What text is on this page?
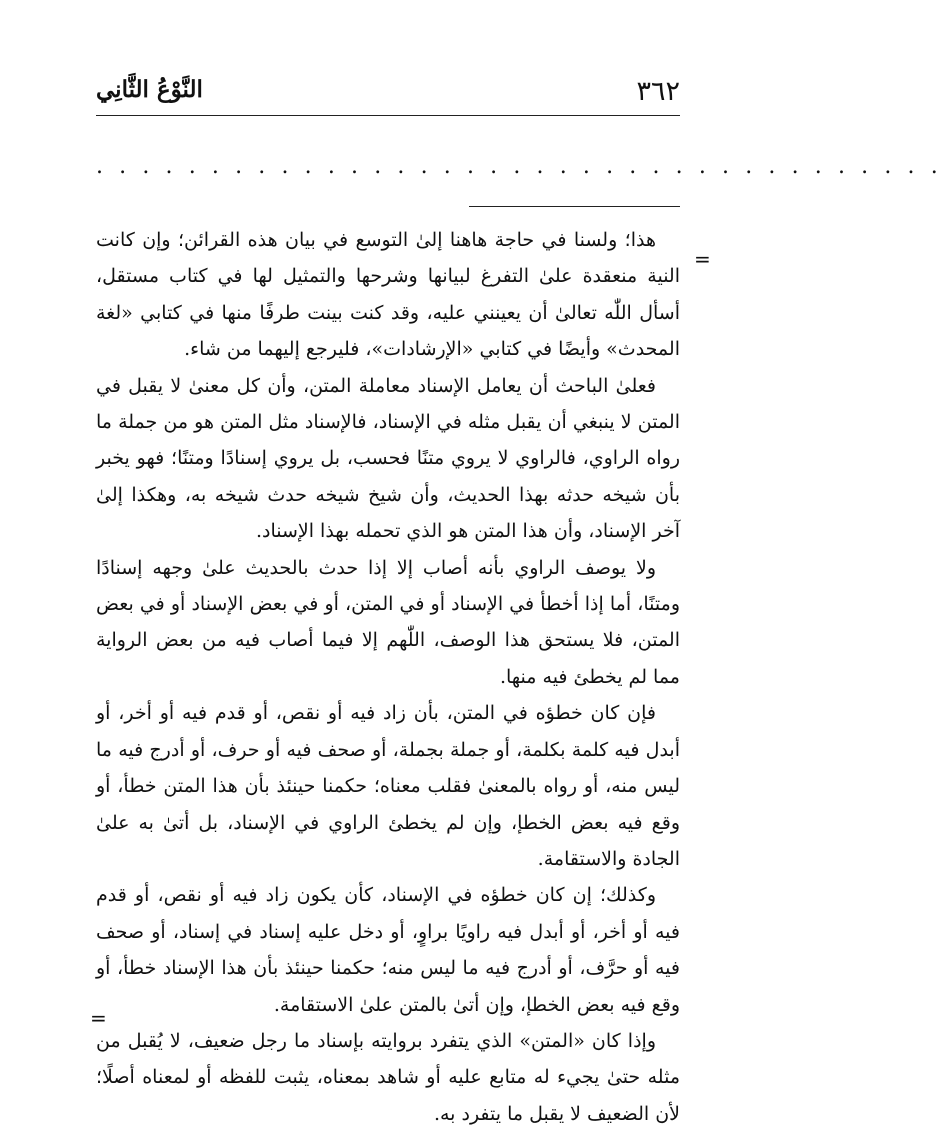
٣٦٢
النَّوْعُ الثَّانِي
. . . . . . . . . . . . . . . . . . . . . . . . . . . . . . . . . . . . .
=

هذا؛ ولسنا في حاجة هاهنا إلىٰ التوسع في بيان هذه القرائن؛ وإن كانت النية منعقدة علىٰ التفرغ لبيانها وشرحها والتمثيل لها في كتاب مستقل، أسأل اللّٰه تعالىٰ أن يعينني عليه، وقد كنت بينت طرفًا منها في كتابي «لغة المحدث» وأيضًا في كتابي «الإرشادات»، فليرجع إليهما من شاء.

فعلىٰ الباحث أن يعامل الإسناد معاملة المتن، وأن كل معنىٰ لا يقبل في المتن لا ينبغي أن يقبل مثله في الإسناد، فالإسناد مثل المتن هو من جملة ما رواه الراوي، فالراوي لا يروي متنًا فحسب، بل يروي إسنادًا ومتنًا؛ فهو يخبر بأن شيخه حدثه بهذا الحديث، وأن شيخ شيخه حدث شيخه به، وهكذا إلىٰ آخر الإسناد، وأن هذا المتن هو الذي تحمله بهذا الإسناد.

ولا يوصف الراوي بأنه أصاب إلا إذا حدث بالحديث علىٰ وجهه إسنادًا ومتنًا، أما إذا أخطأ في الإسناد أو في المتن، أو في بعض الإسناد أو في بعض المتن، فلا يستحق هذا الوصف، اللّٰهم إلا فيما أصاب فيه من بعض الرواية مما لم يخطئ فيه منها.

فإن كان خطؤه في المتن، بأن زاد فيه أو نقص، أو قدم فيه أو أخر، أو أبدل فيه كلمة بكلمة، أو جملة بجملة، أو صحف فيه أو حرف، أو أدرج فيه ما ليس منه، أو رواه بالمعنىٰ فقلب معناه؛ حكمنا حينئذ بأن هذا المتن خطأ، أو وقع فيه بعض الخطإ، وإن لم يخطئ الراوي في الإسناد، بل أتىٰ به علىٰ الجادة والاستقامة.

وكذلك؛ إن كان خطؤه في الإسناد، كأن يكون زاد فيه أو نقص، أو قدم فيه أو أخر، أو أبدل فيه راويًا براوٍ، أو دخل عليه إسناد في إسناد، أو صحف فيه أو حرَّف، أو أدرج فيه ما ليس منه؛ حكمنا حينئذ بأن هذا الإسناد خطأ، أو وقع فيه بعض الخطإ، وإن أتىٰ بالمتن علىٰ الاستقامة.

وإذا كان «المتن» الذي يتفرد بروايته بإسناد ما رجل ضعيف، لا يُقبل من مثله حتىٰ يجيء له متابع عليه أو شاهد بمعناه، يثبت للفظه أو لمعناه أصلًا؛ لأن الضعيف لا يقبل ما يتفرد به.

=
